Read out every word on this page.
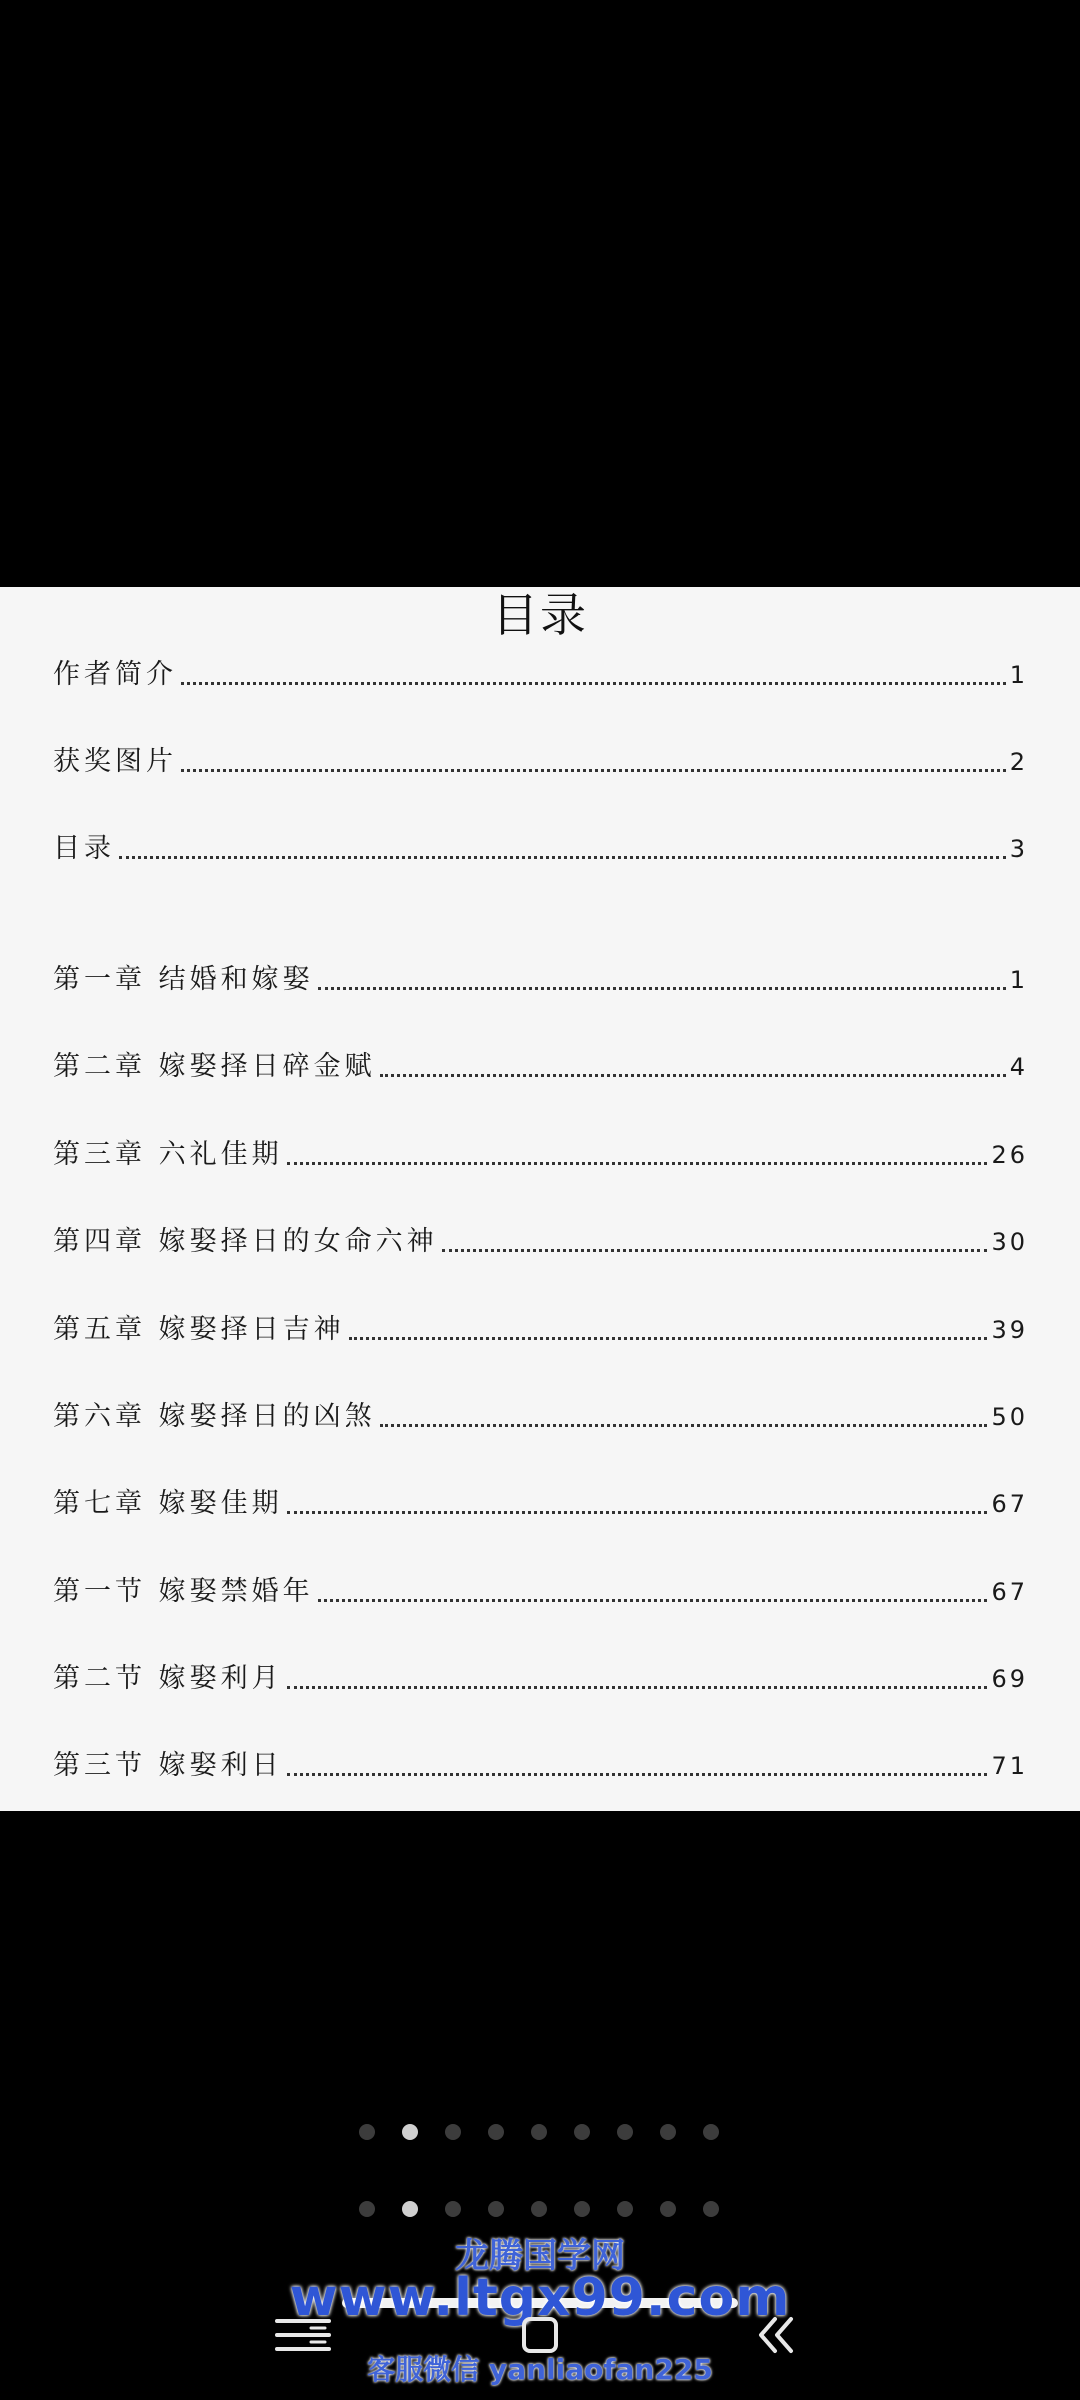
目录
作者简介	1
获奖图片	2
目录	3
第一章 结婚和嫁娶	1
第二章 嫁娶择日碎金赋	4
第三章 六礼佳期	26
第四章 嫁娶择日的女命六神	30
第五章 嫁娶择日吉神	39
第六章 嫁娶择日的凶煞	50
第七章 嫁娶佳期	67
第一节 嫁娶禁婚年	67
第二节 嫁娶利月	69
第三节 嫁娶利日	71
龙腾国学网
www.ltgx99.com
客服微信 yanliaofan225
